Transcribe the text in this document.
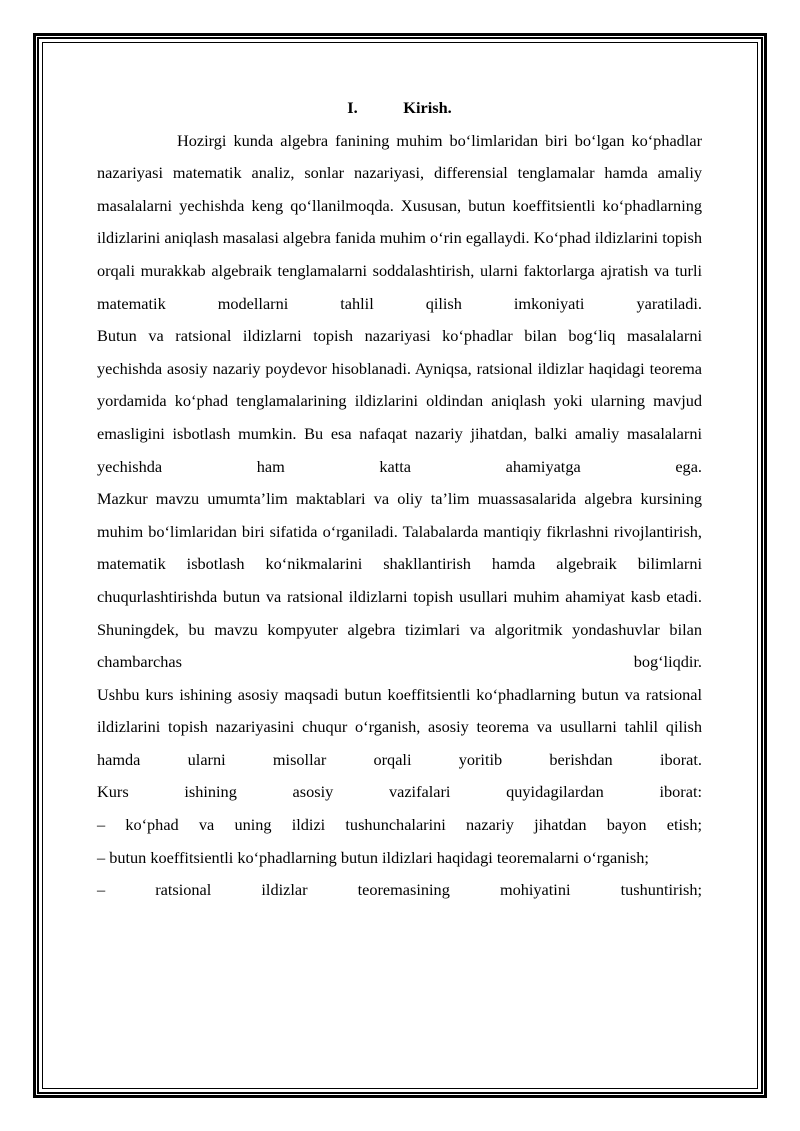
I.	Kirish.

Hozirgi kunda algebra fanining muhim bo‘limlaridan biri bo‘lgan ko‘phadlar nazariyasi matematik analiz, sonlar nazariyasi, differensial tenglamalar hamda amaliy masalalarni yechishda keng qo‘llanilmoqda. Xususan, butun koeffitsientli ko‘phadlarning ildizlarini aniqlash masalasi algebra fanida muhim o‘rin egallaydi. Ko‘phad ildizlarini topish orqali murakkab algebraik tenglamalarni soddalashtirish, ularni faktorlarga ajratish va turli matematik modellarni tahlil qilish imkoniyati yaratiladi.

Butun va ratsional ildizlarni topish nazariyasi ko‘phadlar bilan bog‘liq masalalarni yechishda asosiy nazariy poydevor hisoblanadi. Ayniqsa, ratsional ildizlar haqidagi teorema yordamida ko‘phad tenglamalarining ildizlarini oldindan aniqlash yoki ularning mavjud emasligini isbotlash mumkin. Bu esa nafaqat nazariy jihatdan, balki amaliy masalalarni yechishda ham katta ahamiyatga ega.

Mazkur mavzu umumta’lim maktablari va oliy ta’lim muassasalarida algebra kursining muhim bo‘limlaridan biri sifatida o‘rganiladi. Talabalarda mantiqiy fikrlashni rivojlantirish, matematik isbotlash ko‘nikmalarini shakllantirish hamda algebraik bilimlarni chuqurlashtirishda butun va ratsional ildizlarni topish usullari muhim ahamiyat kasb etadi. Shuningdek, bu mavzu kompyuter algebra tizimlari va algoritmik yondashuvlar bilan chambarchas bog‘liqdir.

Ushbu kurs ishining asosiy maqsadi butun koeffitsientli ko‘phadlarning butun va ratsional ildizlarini topish nazariyasini chuqur o‘rganish, asosiy teorema va usullarni tahlil qilish hamda ularni misollar orqali yoritib berishdan iborat.

Kurs ishining asosiy vazifalari quyidagilardan iborat:

– ko‘phad va uning ildizi tushunchalarini nazariy jihatdan bayon etish;

– butun koeffitsientli ko‘phadlarning butun ildizlari haqidagi teoremalarni o‘rganish;

– ratsional ildizlar teoremasining mohiyatini tushuntirish;
